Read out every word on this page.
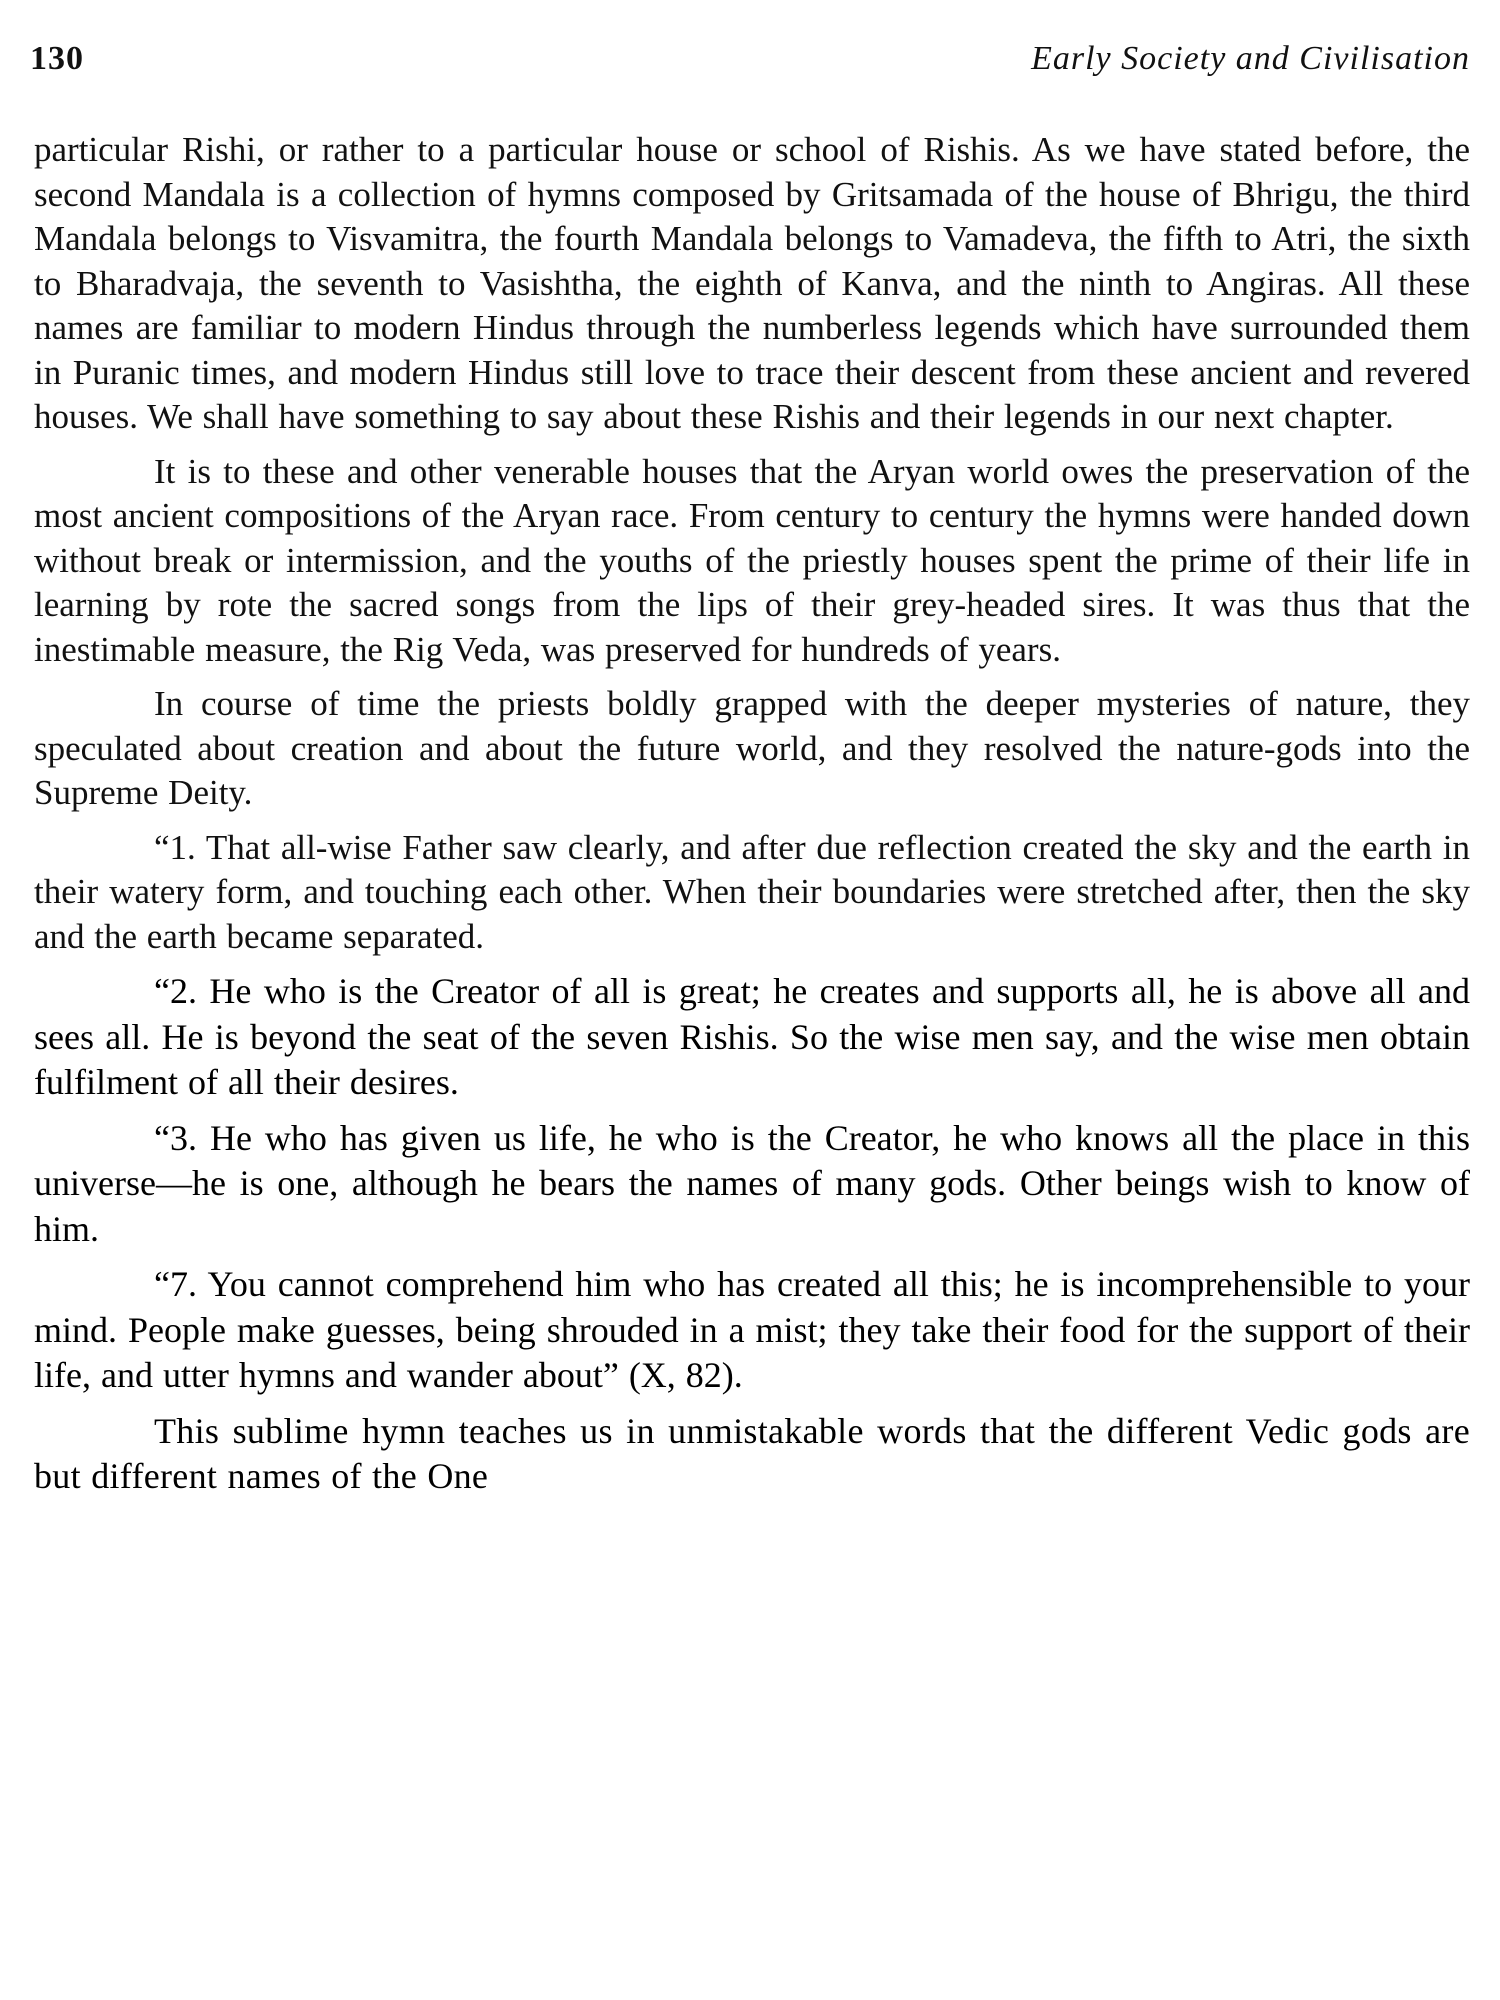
130	Early Society and Civilisation

particular Rishi, or rather to a particular house or school of Rishis. As we have stated before, the second Mandala is a collection of hymns composed by Gritsamada of the house of Bhrigu, the third Mandala belongs to Visvamitra, the fourth Mandala belongs to Vamadeva, the fifth to Atri, the sixth to Bharadvaja, the seventh to Vasishtha, the eighth of Kanva, and the ninth to Angiras. All these names are familiar to modern Hindus through the numberless legends which have surrounded them in Puranic times, and modern Hindus still love to trace their descent from these ancient and revered houses. We shall have something to say about these Rishis and their legends in our next chapter.

It is to these and other venerable houses that the Aryan world owes the preservation of the most ancient compositions of the Aryan race. From century to century the hymns were handed down without break or intermission, and the youths of the priestly houses spent the prime of their life in learning by rote the sacred songs from the lips of their grey-headed sires. It was thus that the inestimable measure, the Rig Veda, was preserved for hundreds of years.

In course of time the priests boldly grapped with the deeper mysteries of nature, they speculated about creation and about the future world, and they resolved the nature-gods into the Supreme Deity.

“1. That all-wise Father saw clearly, and after due reflection created the sky and the earth in their watery form, and touching each other. When their boundaries were stretched after, then the sky and the earth became separated.

“2. He who is the Creator of all is great; he creates and supports all, he is above all and sees all. He is beyond the seat of the seven Rishis. So the wise men say, and the wise men obtain fulfilment of all their desires.

“3. He who has given us life, he who is the Creator, he who knows all the place in this universe—he is one, although he bears the names of many gods. Other beings wish to know of him.

“7. You cannot comprehend him who has created all this; he is incomprehensible to your mind. People make guesses, being shrouded in a mist; they take their food for the support of their life, and utter hymns and wander about” (X, 82).

This sublime hymn teaches us in unmistakable words that the different Vedic gods are but different names of the One
